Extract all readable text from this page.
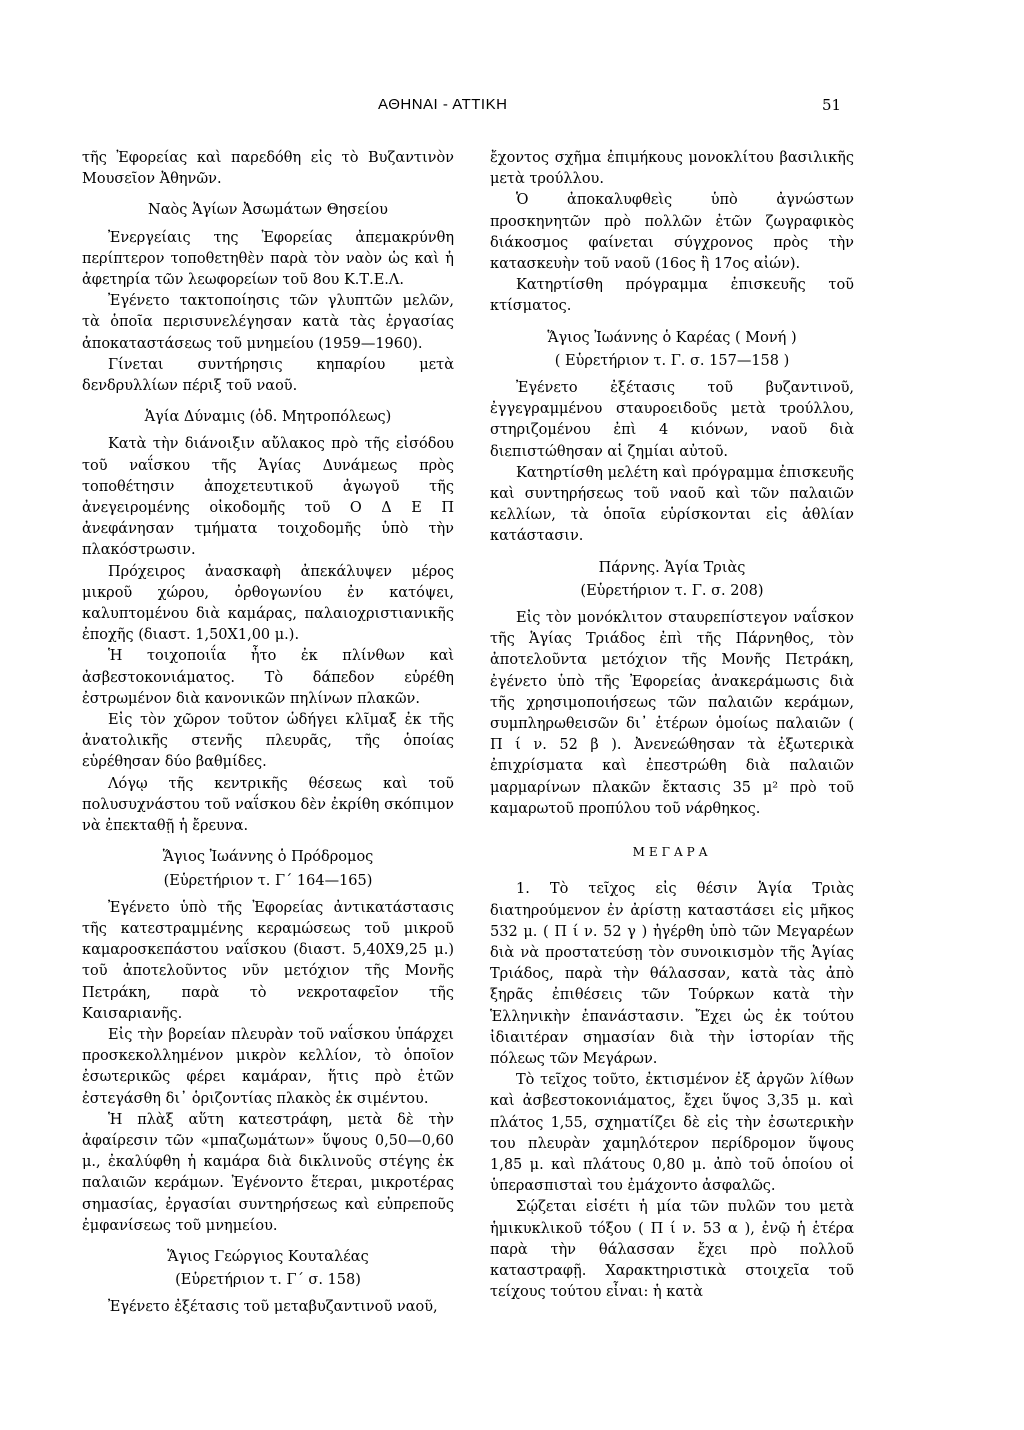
ΑΘΗΝΑΙ - ΑΤΤΙΚΗ	51

τῆς Ἐφορείας καὶ παρεδόθη εἰς τὸ Βυζαντινὸν Μουσεῖον Ἀθηνῶν.

Ναὸς Ἁγίων Ἀσωμάτων Θησείου

Ἐνεργείαις της Ἐφορείας ἀπεμακρύνθη περίπτερον τοποθετηθὲν παρὰ τὸν ναὸν ὡς καὶ ἡ ἀφετηρία τῶν λεωφορείων τοῦ 8ου Κ.Τ.Ε.Λ.

Ἐγένετο τακτοποίησις τῶν γλυπτῶν μελῶν, τὰ ὁποῖα περισυνελέγησαν κατὰ τὰς ἐργασίας ἀποκαταστάσεως τοῦ μνημείου (1959—1960).

Γίνεται συντήρησις κηπαρίου μετὰ δενδρυλλίων πέριξ τοῦ ναοῦ.

Ἁγία Δύναμις (ὁδ. Μητροπόλεως)

Κατὰ τὴν διάνοιξιν αὔλακος πρὸ τῆς εἰσόδου τοῦ ναΐσκου τῆς Ἁγίας Δυνάμεως πρὸς τοποθέτησιν ἀποχετευτικοῦ ἀγωγοῦ τῆς ἀνεγειρομένης οἰκοδομῆς τοῦ Ο Δ Ε Π ἀνεφάνησαν τμήματα τοιχοδομῆς ὑπὸ τὴν πλακόστρωσιν.

Πρόχειρος ἀνασκαφὴ ἀπεκάλυψεν μέρος μικροῦ χώρου, ὀρθογωνίου ἐν κατόψει, καλυπτομένου διὰ καμάρας, παλαιοχριστιανικῆς ἐποχῆς (διαστ. 1,50Χ1,00 μ.).

Ἡ τοιχοποιΐα ἦτο ἐκ πλίνθων καὶ ἀσβεστοκονιάματος. Τὸ δάπεδον εὑρέθη ἐστρωμένον διὰ κανονικῶν πηλίνων πλακῶν.

Εἰς τὸν χῶρον τοῦτον ὡδήγει κλῖμαξ ἐκ τῆς ἀνατολικῆς στενῆς πλευρᾶς, τῆς ὁποίας εὑρέθησαν δύο βαθμίδες.

Λόγῳ τῆς κεντρικῆς θέσεως καὶ τοῦ πολυσυχνάστου τοῦ ναΐσκου δὲν ἐκρίθη σκόπιμον νὰ ἐπεκταθῇ ἡ ἔρευνα.

Ἅγιος Ἰωάννης ὁ Πρόδρομος
(Εὑρετήριον τ. Γ΄ 164—165)

Ἐγένετο ὑπὸ τῆς Ἐφορείας ἀντικατάστασις τῆς κατεστραμμένης κεραμώσεως τοῦ μικροῦ καμαροσκεπάστου ναΐσκου (διαστ. 5,40Χ9,25 μ.) τοῦ ἀποτελοῦντος νῦν μετόχιον τῆς Μονῆς Πετράκη, παρὰ τὸ νεκροταφεῖον τῆς Καισαριανῆς.

Εἰς τὴν βορείαν πλευρὰν τοῦ ναΐσκου ὑπάρχει προσκεκολλημένον μικρὸν κελλίον, τὸ ὁποῖον ἐσωτερικῶς φέρει καμάραν, ἥτις πρὸ ἐτῶν ἐστεγάσθη δι᾽ ὁριζοντίας πλακὸς ἐκ σιμέντου.

Ἡ πλὰξ αὕτη κατεστράφη, μετὰ δὲ τὴν ἀφαίρεσιν τῶν «μπαζωμάτων» ὕψους 0,50—0,60 μ., ἐκαλύφθη ἡ καμάρα διὰ δικλινοῦς στέγης ἐκ παλαιῶν κεράμων. Ἐγένοντο ἕτεραι, μικροτέρας σημασίας, ἐργασίαι συντηρήσεως καὶ εὐπρεποῦς ἐμφανίσεως τοῦ μνημείου.

Ἅγιος Γεώργιος Κουταλέας
(Εὑρετήριον τ. Γ΄ σ. 158)

Ἐγένετο ἐξέτασις τοῦ μεταβυζαντινοῦ ναοῦ,

ἔχοντος σχῆμα ἐπιμήκους μονοκλίτου βασιλικῆς μετὰ τρούλλου.

Ὁ ἀποκαλυφθεὶς ὑπὸ ἀγνώστων προσκηνητῶν πρὸ πολλῶν ἐτῶν ζωγραφικὸς διάκοσμος φαίνεται σύγχρονος πρὸς τὴν κατασκευὴν τοῦ ναοῦ (16ος ἢ 17ος αἰών).

Κατηρτίσθη πρόγραμμα ἐπισκευῆς τοῦ κτίσματος.

Ἅγιος Ἰωάννης ὁ Καρέας ( Μονή )
( Εὑρετήριον τ. Γ. σ. 157—158 )

Ἐγένετο ἐξέτασις τοῦ βυζαντινοῦ, ἐγγεγραμμένου σταυροειδοῦς μετὰ τρούλλου, στηριζομένου ἐπὶ 4 κιόνων, ναοῦ διὰ διεπιστώθησαν αἱ ζημίαι αὐτοῦ.

Κατηρτίσθη μελέτη καὶ πρόγραμμα ἐπισκευῆς καὶ συντηρήσεως τοῦ ναοῦ καὶ τῶν παλαιῶν κελλίων, τὰ ὁποῖα εὑρίσκονται εἰς ἀθλίαν κατάστασιν.

Πάρνης. Ἁγία Τριὰς
(Εὑρετήριον τ. Γ. σ. 208)

Εἰς τὸν μονόκλιτον σταυρεπίστεγον ναΐσκον τῆς Ἁγίας Τριάδος ἐπὶ τῆς Πάρνηθος, τὸν ἀποτελοῦντα μετόχιον τῆς Μονῆς Πετράκη, ἐγένετο ὑπὸ τῆς Ἐφορείας ἀνακεράμωσις διὰ τῆς χρησιμοποιήσεως τῶν παλαιῶν κεράμων, συμπληρωθεισῶν δι᾽ ἑτέρων ὁμοίως παλαιῶν ( Π ί ν. 52 β ). Ἀνενεώθησαν τὰ ἐξωτερικὰ ἐπιχρίσματα καὶ ἐπεστρώθη διὰ παλαιῶν μαρμαρίνων πλακῶν ἔκτασις 35 μ² πρὸ τοῦ καμαρωτοῦ προπύλου τοῦ νάρθηκος.

ΜΕΓΑΡΑ

1. Τὸ τεῖχος εἰς θέσιν Ἁγία Τριὰς διατηρούμενον ἐν ἀρίστῃ καταστάσει εἰς μῆκος 532 μ. ( Π ί ν. 52 γ ) ἠγέρθη ὑπὸ τῶν Μεγαρέων διὰ νὰ προστατεύσῃ τὸν συνοικισμὸν τῆς Ἁγίας Τριάδος, παρὰ τὴν θάλασσαν, κατὰ τὰς ἀπὸ ξηρᾶς ἐπιθέσεις τῶν Τούρκων κατὰ τὴν Ἑλληνικὴν ἐπανάστασιν. Ἔχει ὡς ἐκ τούτου ἰδιαιτέραν σημασίαν διὰ τὴν ἱστορίαν τῆς πόλεως τῶν Μεγάρων.

Τὸ τεῖχος τοῦτο, ἐκτισμένον ἐξ ἀργῶν λίθων καὶ ἀσβεστοκονιάματος, ἔχει ὕψος 3,35 μ. καὶ πλάτος 1,55, σχηματίζει δὲ εἰς τὴν ἐσωτερικὴν του πλευρὰν χαμηλότερον περίδρομον ὕψους 1,85 μ. καὶ πλάτους 0,80 μ. ἀπὸ τοῦ ὁποίου οἱ ὑπερασπισταὶ του ἐμάχοντο ἀσφαλῶς.

Σῴζεται εἰσέτι ἡ μία τῶν πυλῶν του μετὰ ἡμικυκλικοῦ τόξου ( Π ί ν. 53 α ), ἐνῷ ἡ ἑτέρα παρὰ τὴν θάλασσαν ἔχει πρὸ πολλοῦ καταστραφῇ. Χαρακτηριστικὰ στοιχεῖα τοῦ τείχους τούτου εἶναι: ἡ κατὰ
